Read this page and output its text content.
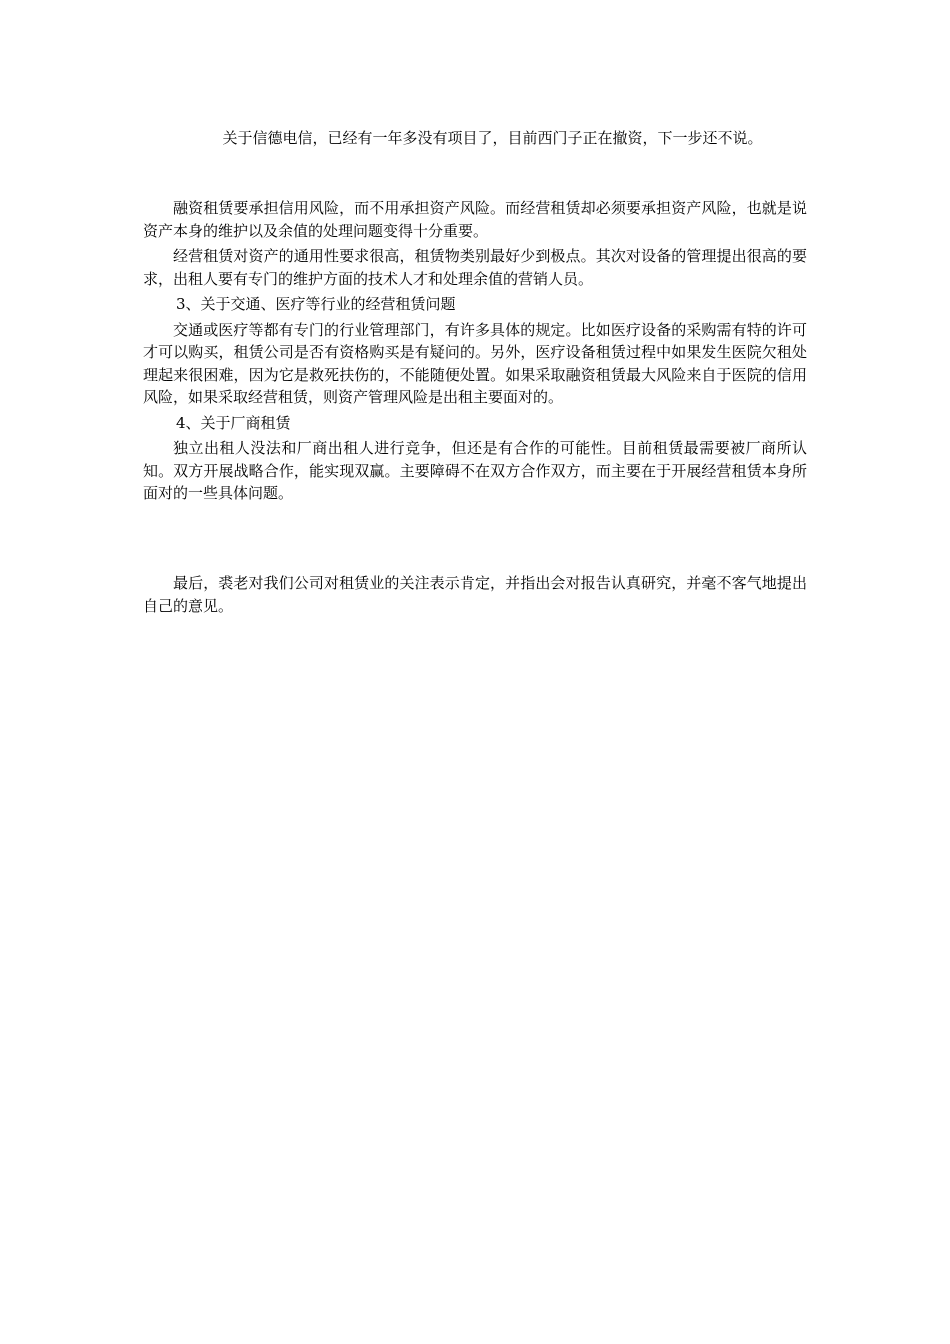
关于信德电信，已经有一年多没有项目了，目前西门子正在撤资，下一步还不说。

融资租赁要承担信用风险，而不用承担资产风险。而经营租赁却必须要承担资产风险，也就是说资产本身的维护以及余值的处理问题变得十分重要。

经营租赁对资产的通用性要求很高，租赁物类别最好少到极点。其次对设备的管理提出很高的要求，出租人要有专门的维护方面的技术人才和处理余值的营销人员。

3、关于交通、医疗等行业的经营租赁问题

交通或医疗等都有专门的行业管理部门，有许多具体的规定。比如医疗设备的采购需有特的许可才可以购买，租赁公司是否有资格购买是有疑问的。另外，医疗设备租赁过程中如果发生医院欠租处理起来很困难，因为它是救死扶伤的，不能随便处置。如果采取融资租赁最大风险来自于医院的信用风险，如果采取经营租赁，则资产管理风险是出租主要面对的。

4、关于厂商租赁

独立出租人没法和厂商出租人进行竞争，但还是有合作的可能性。目前租赁最需要被厂商所认知。双方开展战略合作，能实现双赢。主要障碍不在双方合作双方，而主要在于开展经营租赁本身所面对的一些具体问题。

最后，裘老对我们公司对租赁业的关注表示肯定，并指出会对报告认真研究，并毫不客气地提出自己的意见。
